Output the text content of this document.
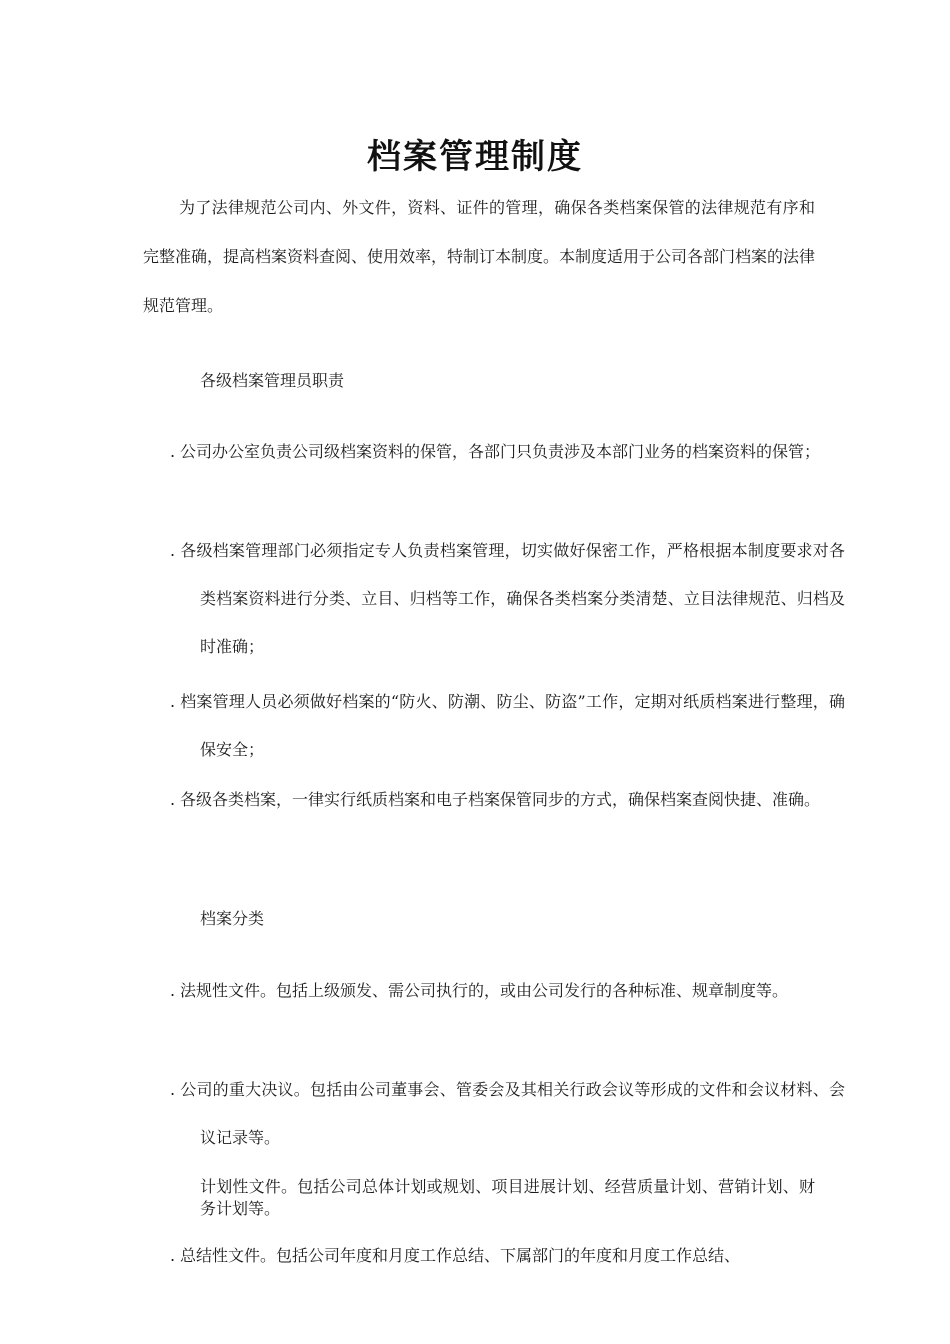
档案管理制度

为了法律规范公司内、外文件，资料、证件的管理，确保各类档案保管的法律规范有序和完整准确，提高档案资料查阅、使用效率，特制订本制度。本制度适用于公司各部门档案的法律规范管理。

各级档案管理员职责

. 公司办公室负责公司级档案资料的保管，各部门只负责涉及本部门业务的档案资料的保管；

. 各级档案管理部门必须指定专人负责档案管理，切实做好保密工作，严格根据本制度要求对各类档案资料进行分类、立目、归档等工作，确保各类档案分类清楚、立目法律规范、归档及时准确；

. 档案管理人员必须做好档案的“防火、防潮、防尘、防盗”工作，定期对纸质档案进行整理，确保安全；

. 各级各类档案，一律实行纸质档案和电子档案保管同步的方式，确保档案查阅快捷、准确。

档案分类

. 法规性文件。包括上级颁发、需公司执行的，或由公司发行的各种标准、规章制度等。

. 公司的重大决议。包括由公司董事会、管委会及其相关行政会议等形成的文件和会议材料、会议记录等。

计划性文件。包括公司总体计划或规划、项目进展计划、经营质量计划、营销计划、财务计划等。

. 总结性文件。包括公司年度和月度工作总结、下属部门的年度和月度工作总结、
